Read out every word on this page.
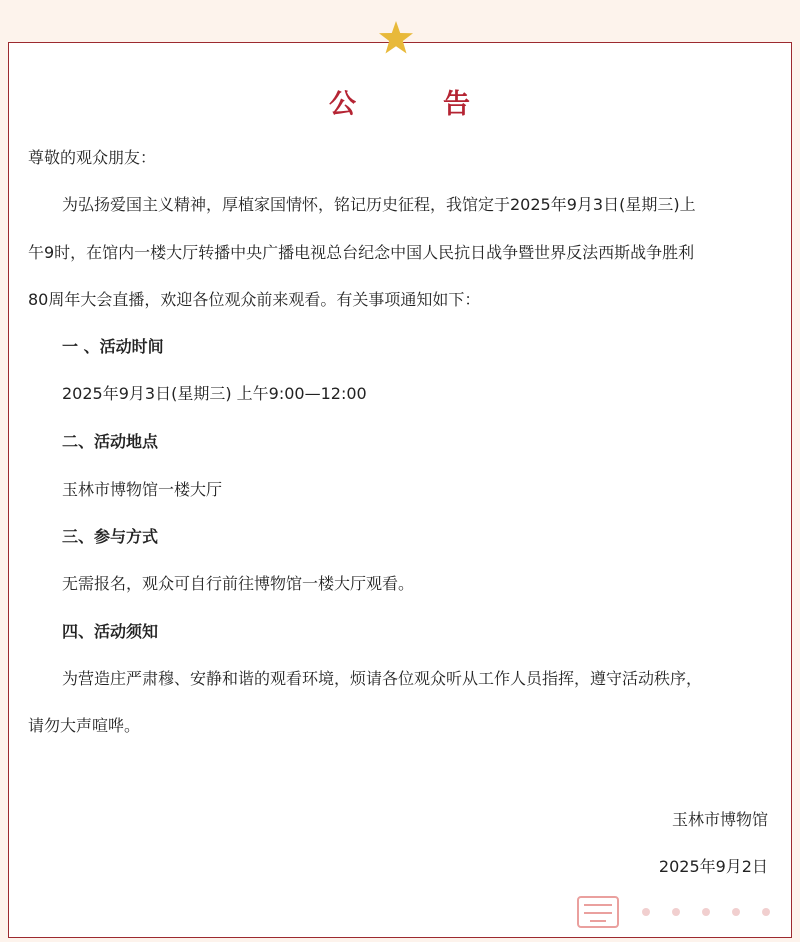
公	告
尊敬的观众朋友：
为弘扬爱国主义精神，厚植家国情怀，铭记历史征程，我馆定于2025年9月3日(星期三)上
午9时，在馆内一楼大厅转播中央广播电视总台纪念中国人民抗日战争暨世界反法西斯战争胜利
80周年大会直播，欢迎各位观众前来观看。有关事项通知如下：
一 、活动时间
2025年9月3日(星期三) 上午9:00—12:00
二、活动地点
玉林市博物馆一楼大厅
三、参与方式
无需报名，观众可自行前往博物馆一楼大厅观看。
四、活动须知
为营造庄严肃穆、安静和谐的观看环境，烦请各位观众听从工作人员指挥，遵守活动秩序，
请勿大声喧哗。
玉林市博物馆
2025年9月2日
